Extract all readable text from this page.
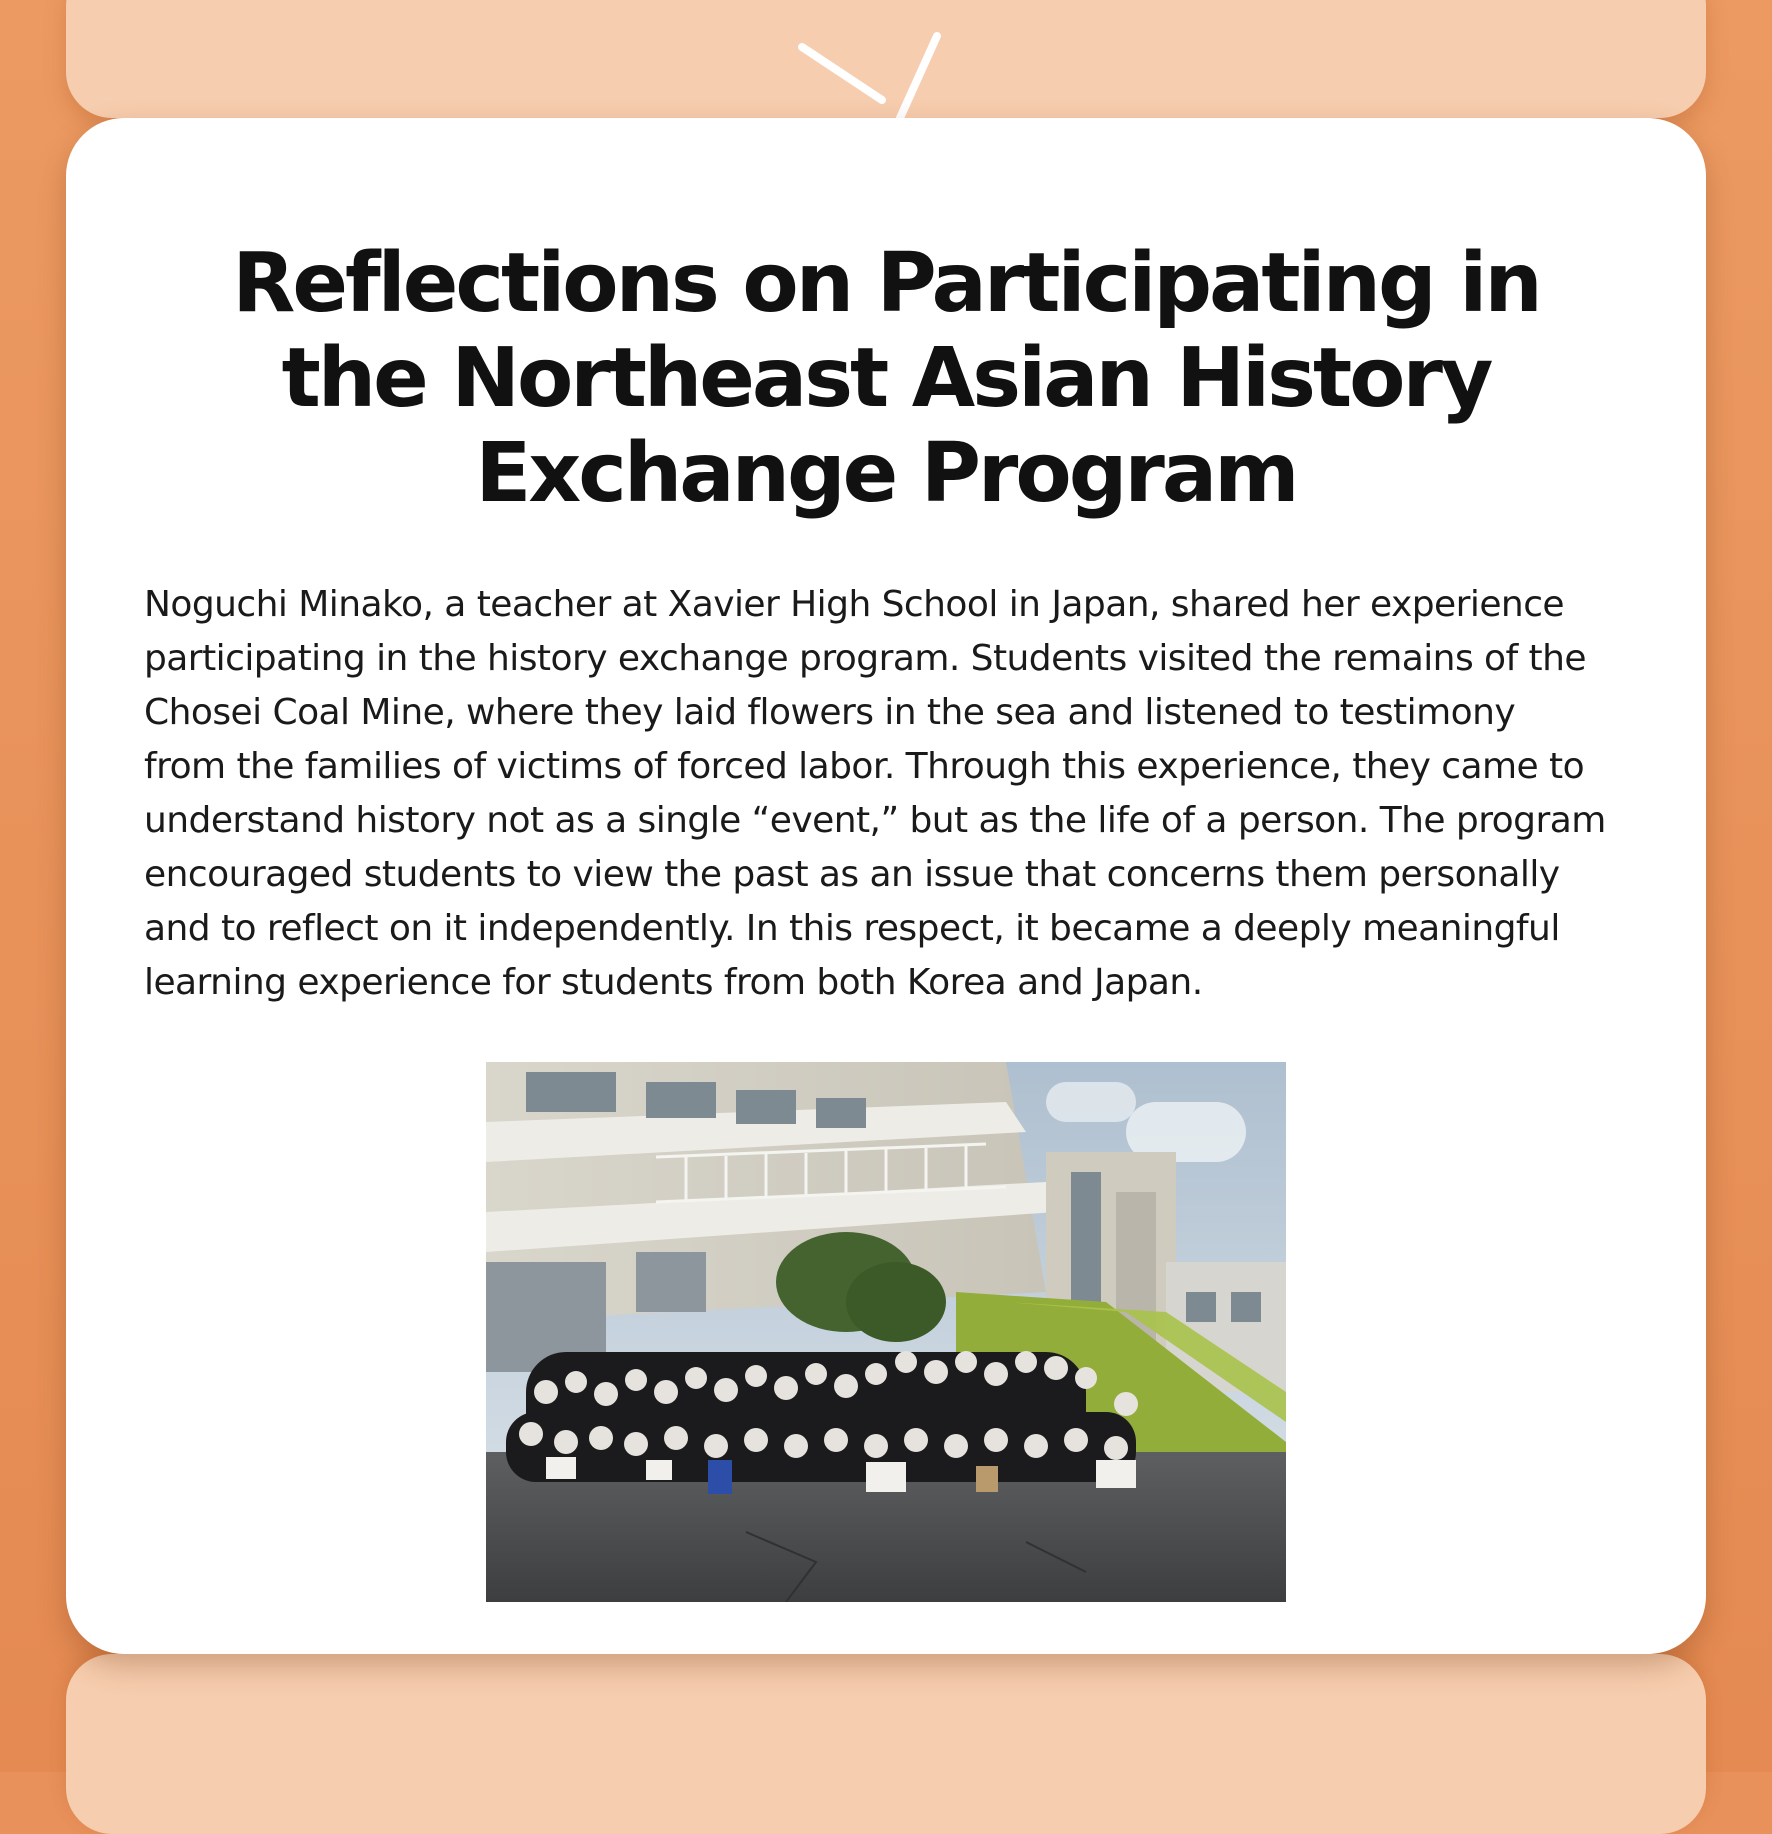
Reflections on Participating in
the Northeast Asian History
Exchange Program

Noguchi Minako, a teacher at Xavier High School in Japan, shared her experience
participating in the history exchange program. Students visited the remains of the
Chosei Coal Mine, where they laid flowers in the sea and listened to testimony
from the families of victims of forced labor. Through this experience, they came to
understand history not as a single “event,” but as the life of a person. The program
encouraged students to view the past as an issue that concerns them personally
and to reflect on it independently. In this respect, it became a deeply meaningful
learning experience for students from both Korea and Japan.
